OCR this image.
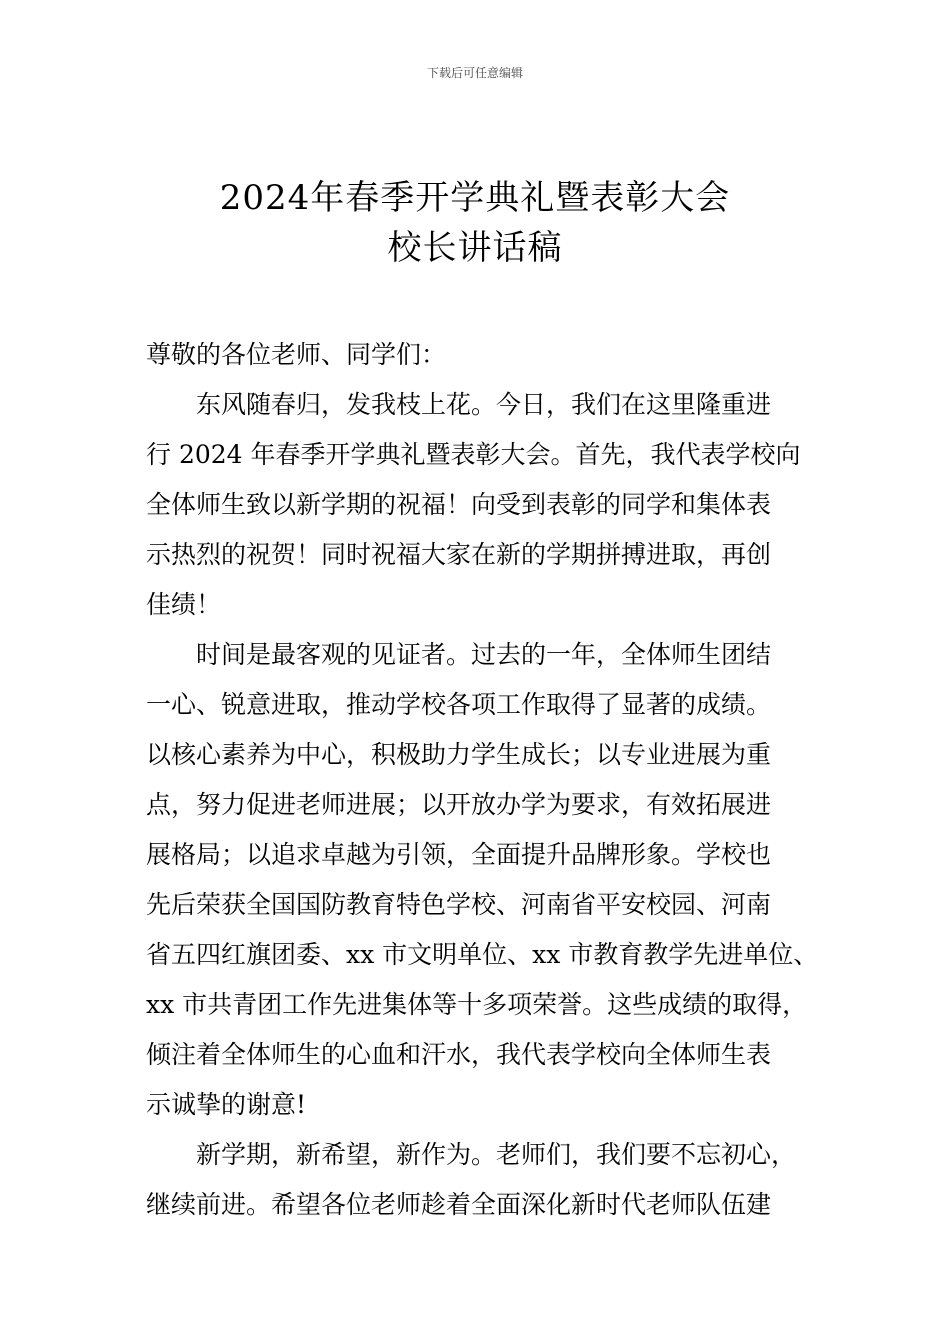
下载后可任意编辑
2024年春季开学典礼暨表彰大会
校长讲话稿

尊敬的各位老师、同学们：

东风随春归，发我枝上花。今日，我们在这里隆重进
行 2024 年春季开学典礼暨表彰大会。首先，我代表学校向
全体师生致以新学期的祝福！向受到表彰的同学和集体表
示热烈的祝贺！同时祝福大家在新的学期拼搏进取，再创
佳绩！

时间是最客观的见证者。过去的一年，全体师生团结
一心、锐意进取，推动学校各项工作取得了显著的成绩。
以核心素养为中心，积极助力学生成长；以专业进展为重
点，努力促进老师进展；以开放办学为要求，有效拓展进
展格局；以追求卓越为引领，全面提升品牌形象。学校也
先后荣获全国国防教育特色学校、河南省平安校园、河南
省五四红旗团委、xx 市文明单位、xx 市教育教学先进单位、
xx 市共青团工作先进集体等十多项荣誉。这些成绩的取得，
倾注着全体师生的心血和汗水，我代表学校向全体师生表
示诚挚的谢意!

新学期，新希望，新作为。老师们，我们要不忘初心，
继续前进。希望各位老师趁着全面深化新时代老师队伍建
